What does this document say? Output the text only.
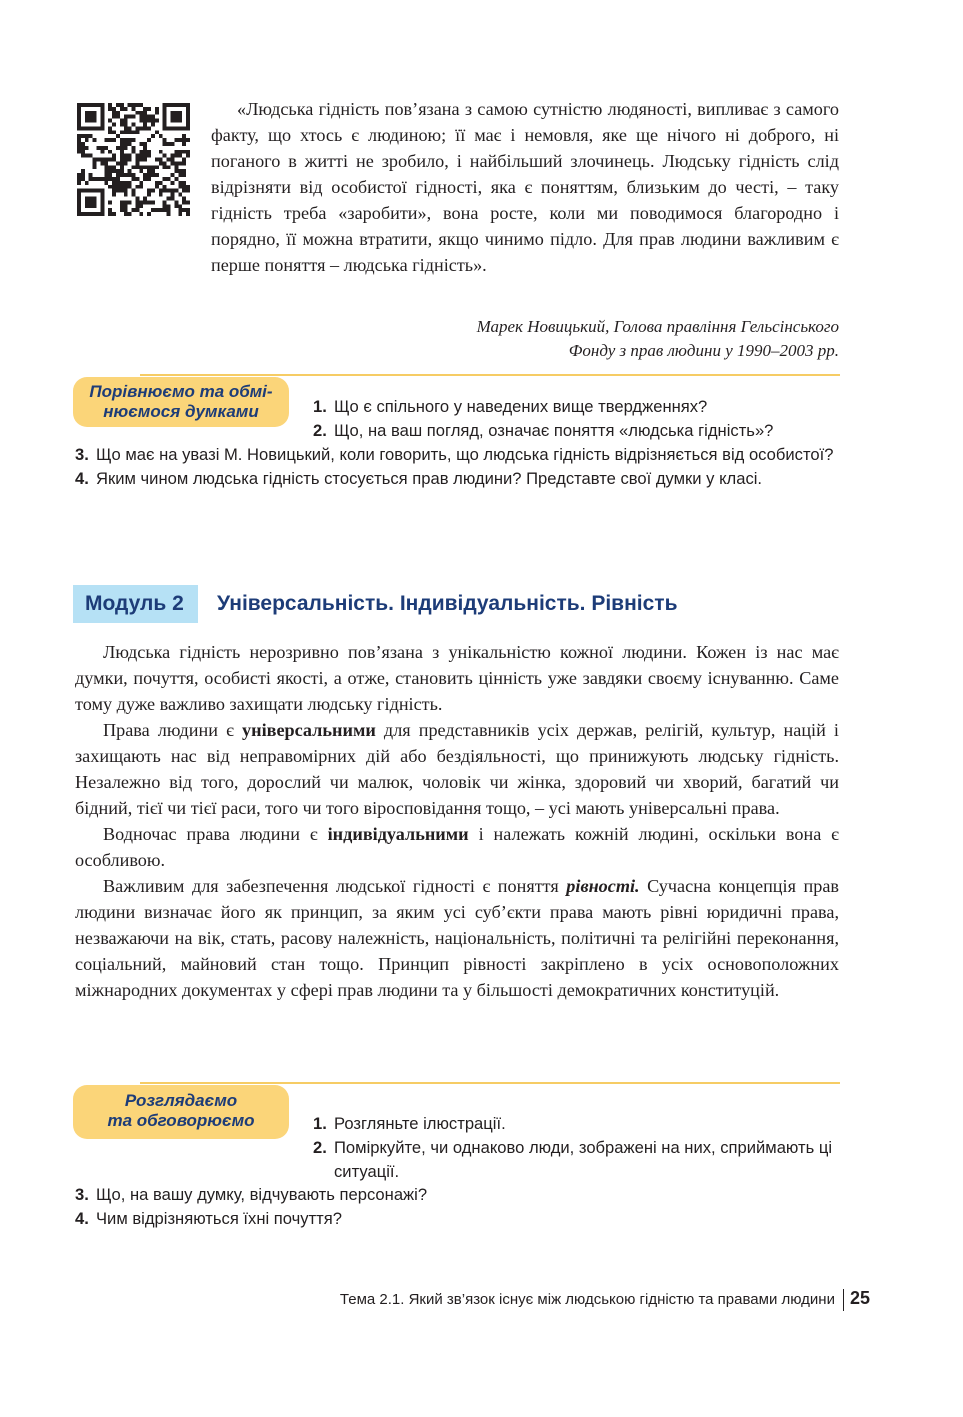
«Людська гідність пов’язана з самою сутністю людяності, випливає з самого факту, що хтось є людиною; її має і немовля, яке ще нічого ні доброго, ні поганого в житті не зробило, і найбільший злочинець. Людську гідність слід відрізняти від особистої гідності, яка є поняттям, близьким до честі, – таку гідність треба «заробити», вона росте, коли ми поводимося благородно і порядно, її можна втратити, якщо чинимо підло. Для прав людини важливим є перше поняття – людська гідність».

Марек Новицький, Голова правління Гельсінського
Фонду з прав людини у 1990–2003 рр.
Порівнюємо та обмі-
нюємося думками	1. Що є спільного у наведених вище твердженнях?
2. Що, на ваш погляд, означає поняття «людська гідність»?
3. Що має на увазі М. Новицький, коли говорить, що людська гідність відрізняється від особистої?
4. Яким чином людська гідність стосується прав людини? Представте свої думки у класі.
Модуль 2	Універсальність. Індивідуальність. Рівність

Людська гідність нерозривно пов’язана з унікальністю кожної людини. Кожен із нас має думки, почуття, особисті якості, а отже, становить цінність уже завдяки своєму існуванню. Саме тому дуже важливо захищати людську гідність.

Права людини є універсальними для представників усіх держав, релігій, культур, націй і захищають нас від неправомірних дій або бездіяльності, що принижують людську гідність. Незалежно від того, дорослий чи малюк, чоловік чи жінка, здоровий чи хворий, багатий чи бідний, тієї чи тієї раси, того чи того віросповідання тощо, – усі мають універсальні права.

Водночас права людини є індивідуальними і належать кожній людині, оскільки вона є особливою.

Важливим для забезпечення людської гідності є поняття рівності. Сучасна концепція прав людини визначає його як принцип, за яким усі суб’єкти права мають рівні юридичні права, незважаючи на вік, стать, расову належність, національність, політичні та релігійні переконання, соціальний, майновий стан тощо. Принцип рівності закріплено в усіх основоположних міжнародних документах у сфері прав людини та у більшості демократичних конституцій.

Розглядаємо
та обговорюємо	1. Розгляньте ілюстрації.
2. Поміркуйте, чи однаково люди, зображені на них, сприймають ці ситуації.
3. Що, на вашу думку, відчувають персонажі?
4. Чим відрізняються їхні почуття?
Тема 2.1. Який зв’язок існує між людською гідністю та правами людини 25
